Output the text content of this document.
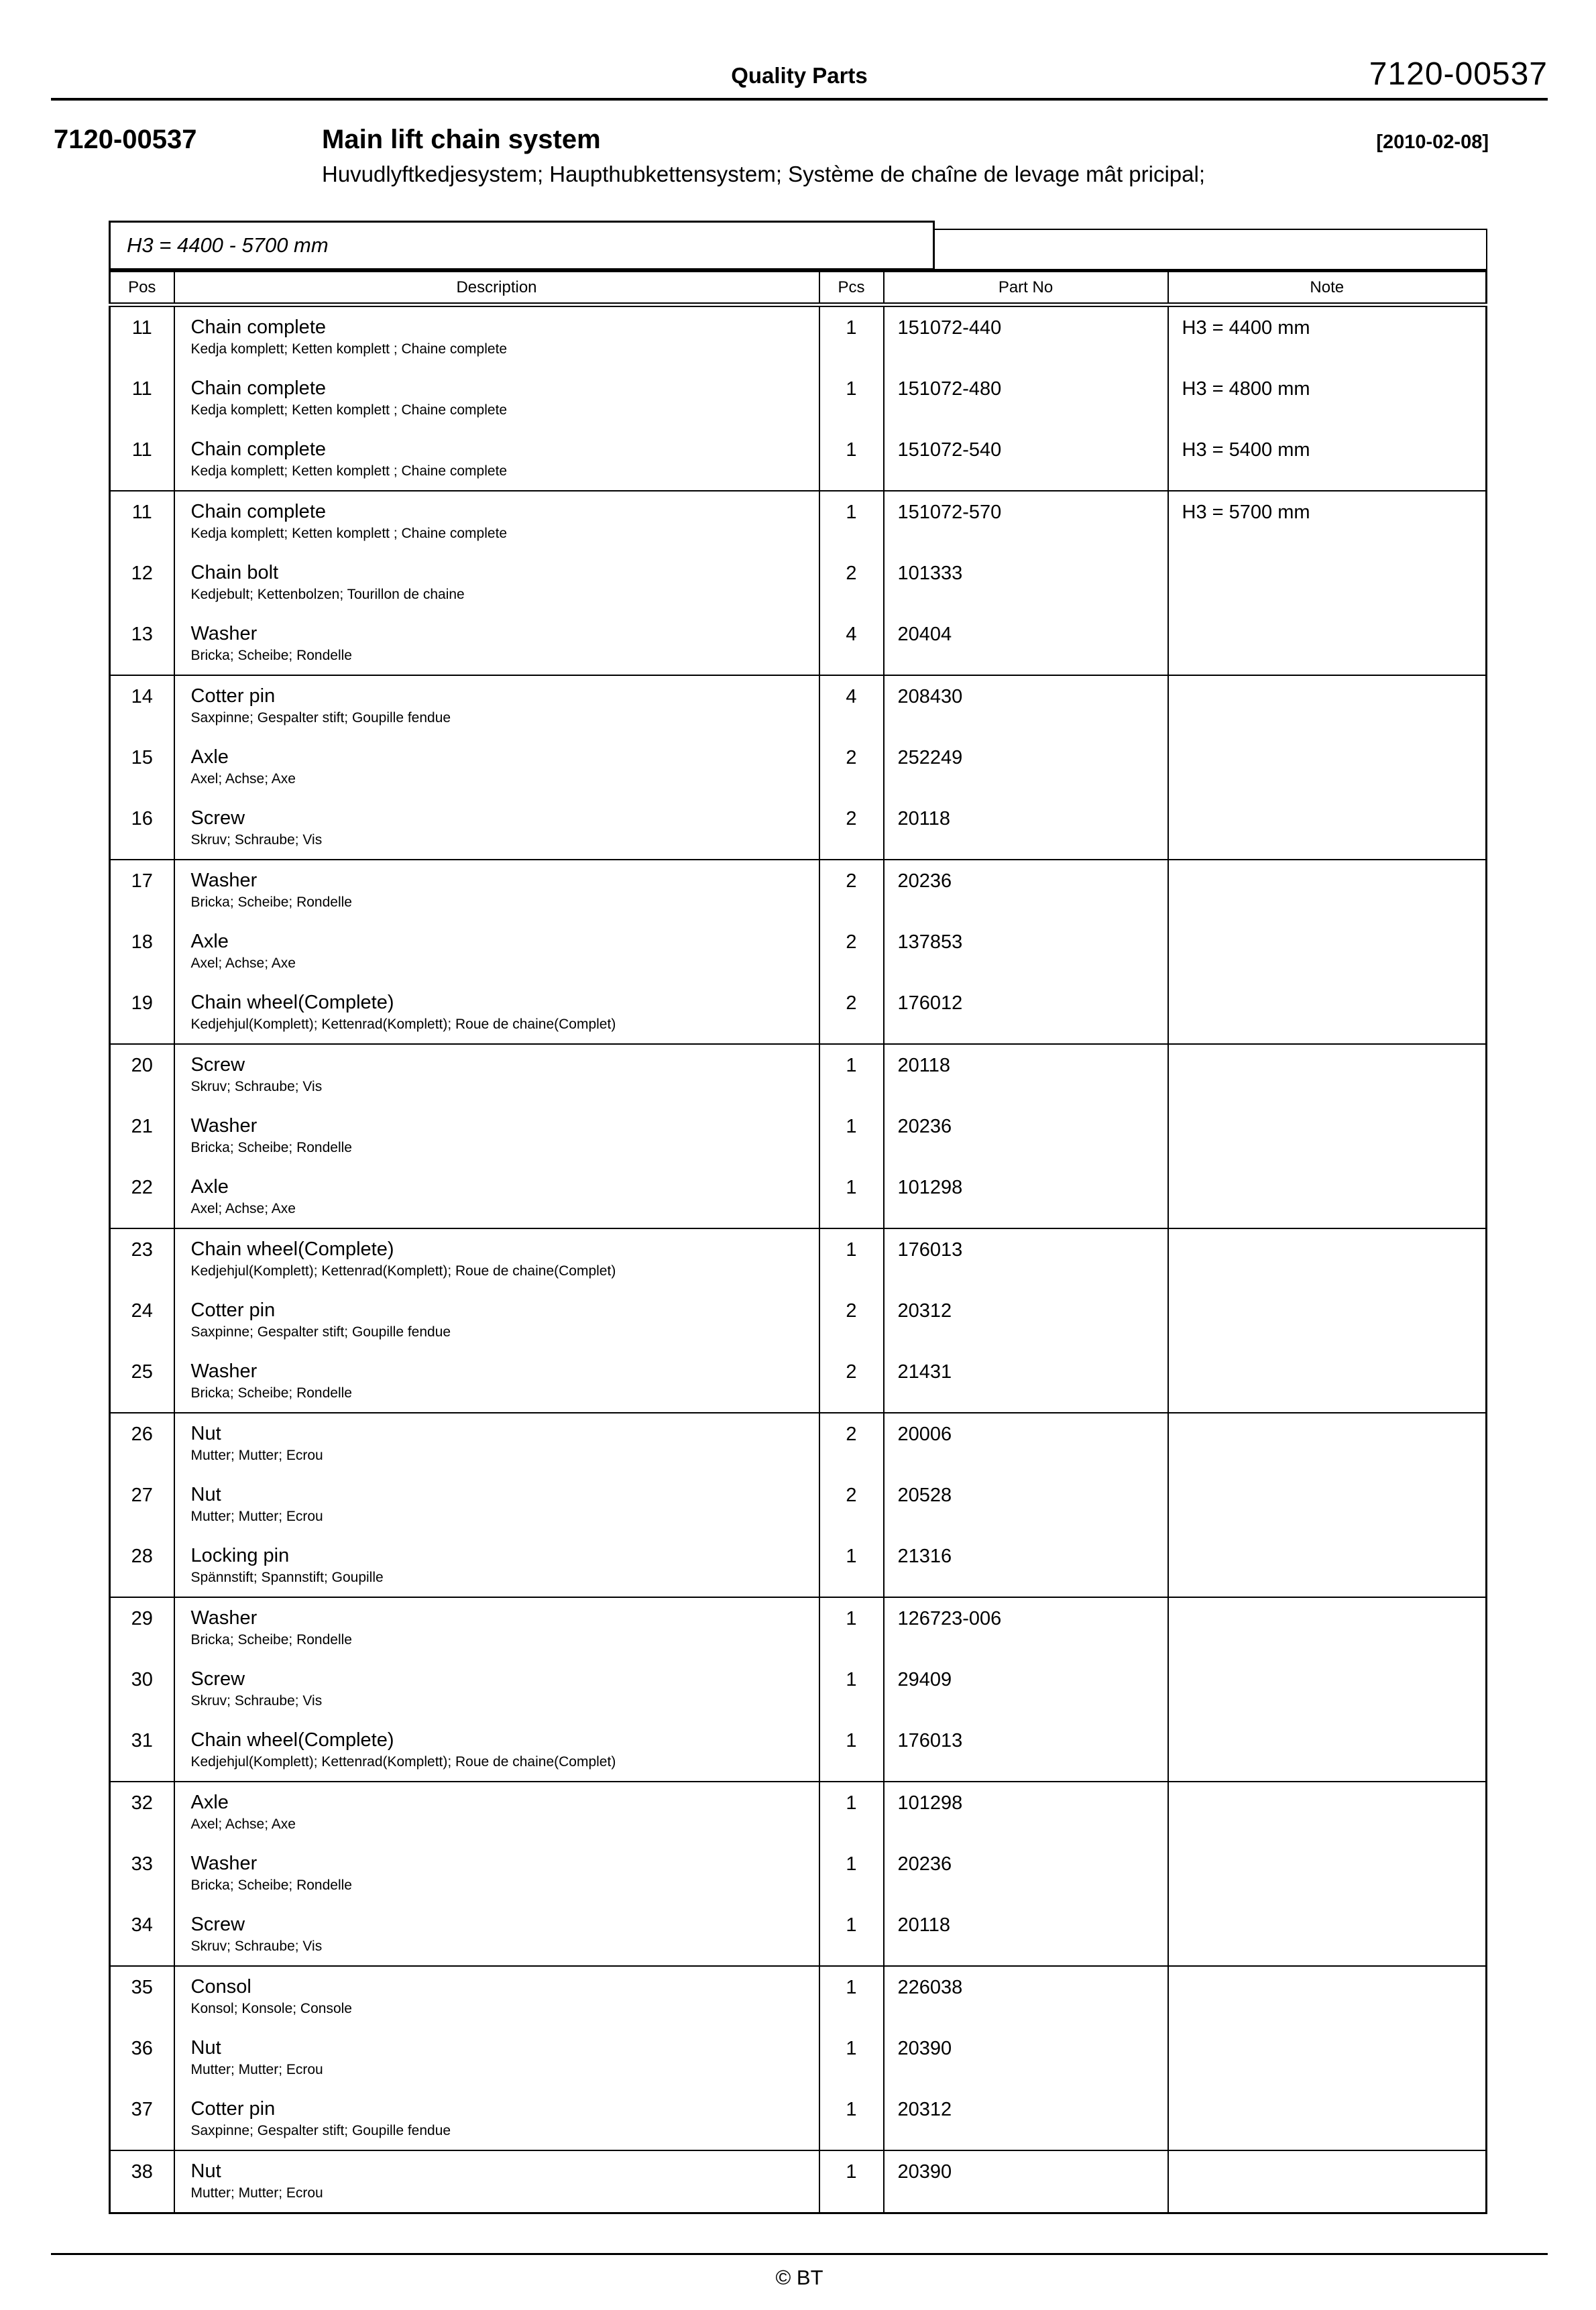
Quality Parts	7120-00537
7120-00537	Main lift chain system	[2010-02-08]
Huvudlyftkedjesystem; Haupthubkettensystem; Système de chaîne de levage mât pricipal;
H3 = 4400 - 5700 mm
Pos	Description	Pcs	Part No	Note
11	Chain complete
Kedja komplett; Ketten komplett ; Chaine complete	1	151072-440	H3 = 4400 mm
11	Chain complete
Kedja komplett; Ketten komplett ; Chaine complete	1	151072-480	H3 = 4800 mm
11	Chain complete
Kedja komplett; Ketten komplett ; Chaine complete	1	151072-540	H3 = 5400 mm
11	Chain complete
Kedja komplett; Ketten komplett ; Chaine complete	1	151072-570	H3 = 5700 mm
12	Chain bolt
Kedjebult; Kettenbolzen; Tourillon de chaine	2	101333	
13	Washer
Bricka; Scheibe; Rondelle	4	20404	
14	Cotter pin
Saxpinne; Gespalter stift; Goupille fendue	4	208430	
15	Axle
Axel; Achse; Axe	2	252249	
16	Screw
Skruv; Schraube; Vis	2	20118	
17	Washer
Bricka; Scheibe; Rondelle	2	20236	
18	Axle
Axel; Achse; Axe	2	137853	
19	Chain wheel(Complete)
Kedjehjul(Komplett); Kettenrad(Komplett); Roue de chaine(Complet)	2	176012	
20	Screw
Skruv; Schraube; Vis	1	20118	
21	Washer
Bricka; Scheibe; Rondelle	1	20236	
22	Axle
Axel; Achse; Axe	1	101298	
23	Chain wheel(Complete)
Kedjehjul(Komplett); Kettenrad(Komplett); Roue de chaine(Complet)	1	176013	
24	Cotter pin
Saxpinne; Gespalter stift; Goupille fendue	2	20312	
25	Washer
Bricka; Scheibe; Rondelle	2	21431	
26	Nut
Mutter; Mutter; Ecrou	2	20006	
27	Nut
Mutter; Mutter; Ecrou	2	20528	
28	Locking pin
Spännstift; Spannstift; Goupille	1	21316	
29	Washer
Bricka; Scheibe; Rondelle	1	126723-006	
30	Screw
Skruv; Schraube; Vis	1	29409	
31	Chain wheel(Complete)
Kedjehjul(Komplett); Kettenrad(Komplett); Roue de chaine(Complet)	1	176013	
32	Axle
Axel; Achse; Axe	1	101298	
33	Washer
Bricka; Scheibe; Rondelle	1	20236	
34	Screw
Skruv; Schraube; Vis	1	20118	
35	Consol
Konsol; Konsole; Console	1	226038	
36	Nut
Mutter; Mutter; Ecrou	1	20390	
37	Cotter pin
Saxpinne; Gespalter stift; Goupille fendue	1	20312	
38	Nut
Mutter; Mutter; Ecrou	1	20390	
© BT
